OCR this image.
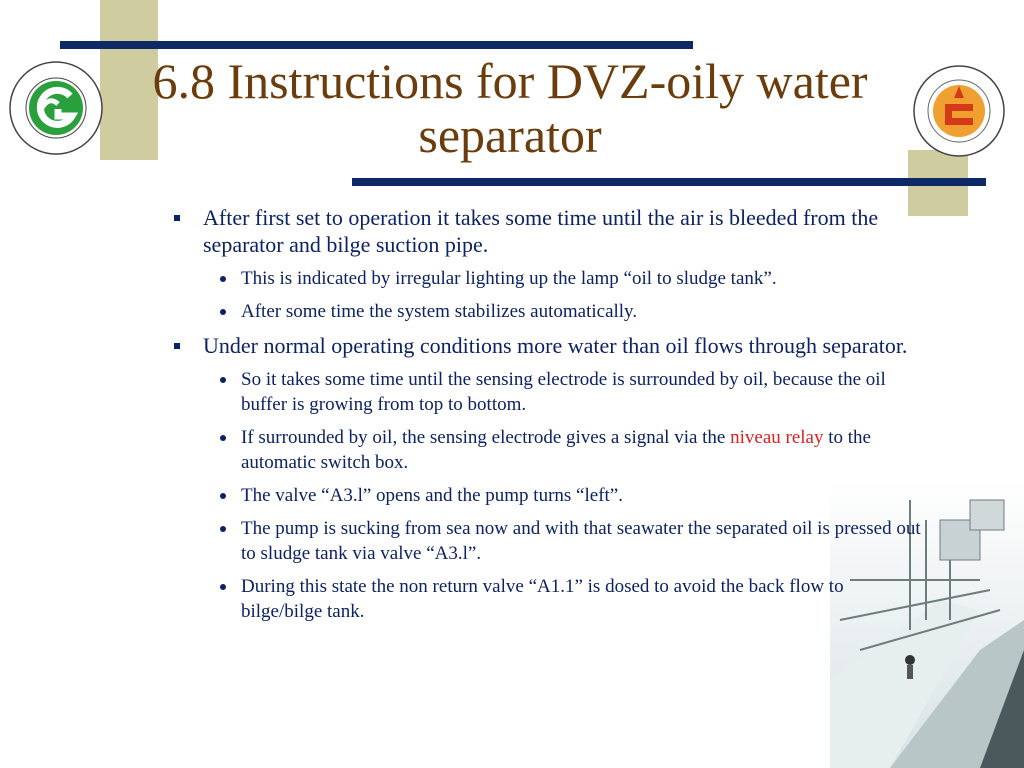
6.8 Instructions for DVZ-oily water separator
After first set to operation it takes some time until the air is bleeded from the separator and bilge suction pipe.
This is indicated by irregular lighting up the lamp “oil to sludge tank”.
After some time the system stabilizes automatically.
Under normal operating conditions more water than oil flows through separator.
So it takes some time until the sensing electrode is surrounded by oil, because the oil buffer is growing from top to bottom.
If surrounded by oil, the sensing electrode gives a signal via the niveau relay to the automatic switch box.
The valve “A3.l” opens and the pump turns “left”.
The pump is sucking from sea now and with that seawater the separated oil is pressed out to sludge tank via valve “A3.l”.
During this state the non return valve “A1.1” is dosed to avoid the back flow to bilge/bilge tank.
